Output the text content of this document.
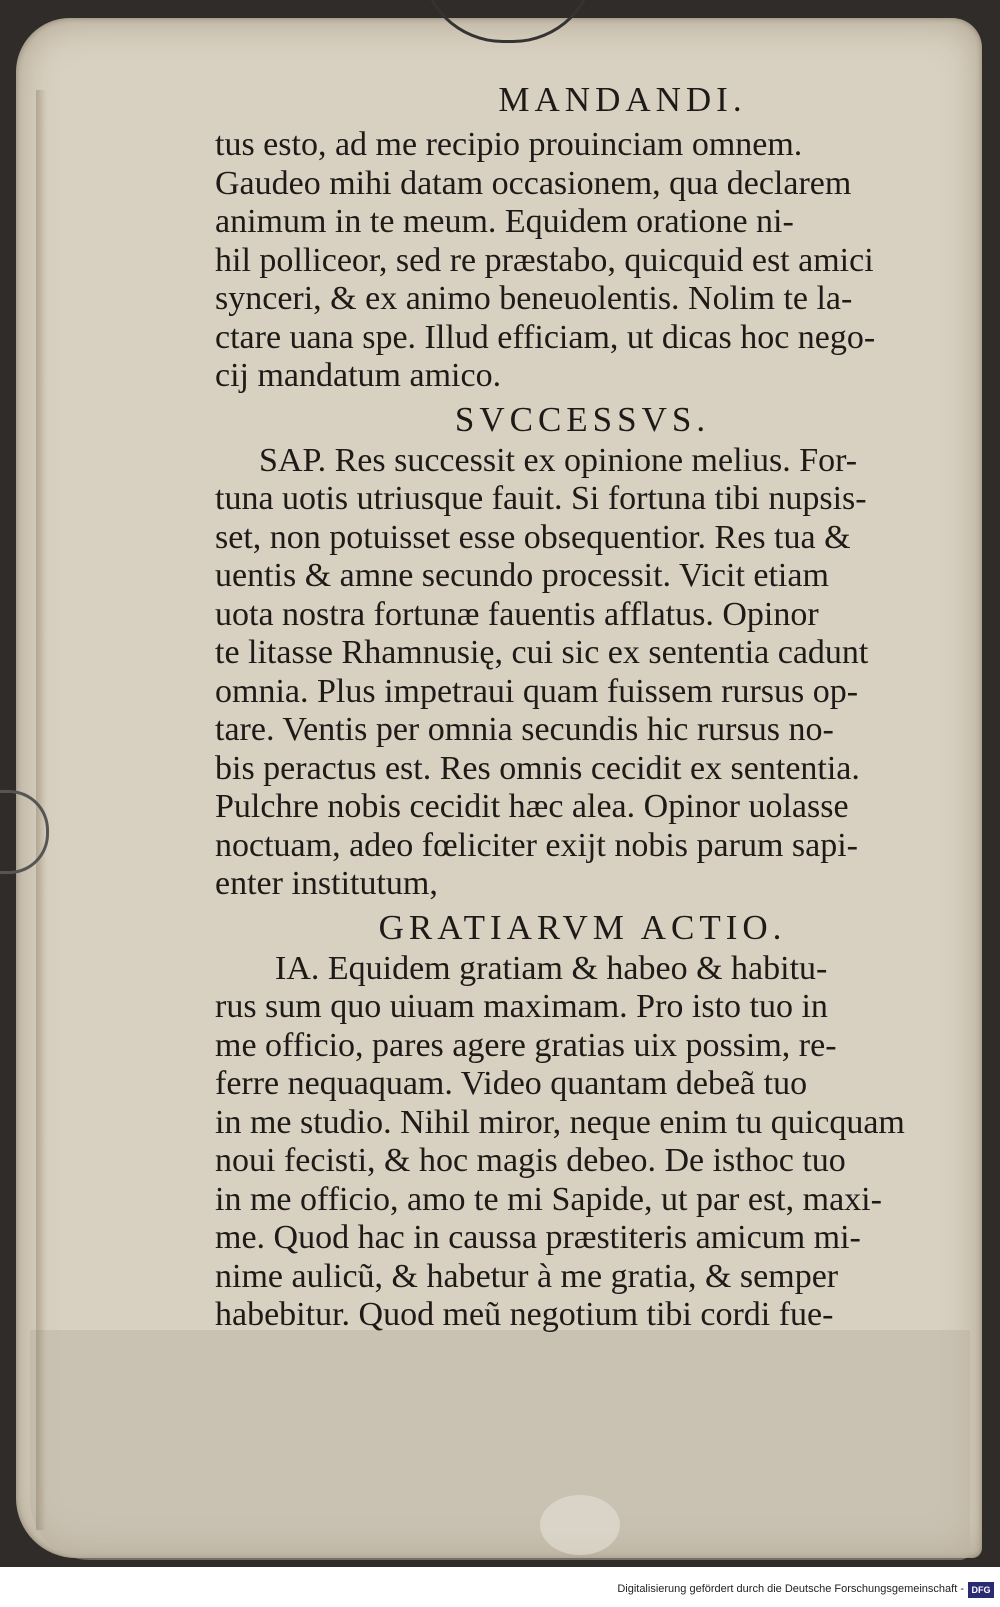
MANDANDI.
tus esto, ad me recipio prouinciam omnem.
Gaudeo mihi datam occasionem, qua declarem
animum in te meum. Equidem oratione ni-
hil polliceor, sed re præstabo, quicquid est amici
synceri, & ex animo beneuolentis. Nolim te la-
ctare uana spe. Illud efficiam, ut dicas hoc nego-
cij mandatum amico.
SVCCESSVS.
SAP. Res successit ex opinione melius. For-
tuna uotis utriusque fauit. Si fortuna tibi nupsis-
set, non potuisset esse obsequentior. Res tua &
uentis & amne secundo processit. Vicit etiam
uota nostra fortunæ fauentis afflatus. Opinor
te litasse Rhamnusię, cui sic ex sententia cadunt
omnia. Plus impetraui quam fuissem rursus op-
tare. Ventis per omnia secundis hic rursus no-
bis peractus est. Res omnis cecidit ex sententia.
Pulchre nobis cecidit hæc alea. Opinor uolasse
noctuam, adeo fœliciter exijt nobis parum sapi-
enter institutum,
GRATIARVM ACTIO.
IA. Equidem gratiam & habeo & habitu-
rus sum quo uiuam maximam. Pro isto tuo in
me officio, pares agere gratias uix possim, re-
ferre nequaquam. Video quantam debeã tuo
in me studio. Nihil miror, neque enim tu quicquam
noui fecisti, & hoc magis debeo. De isthoc tuo
in me officio, amo te mi Sapide, ut par est, maxi-
me. Quod hac in caussa præstiteris amicum mi-
nime aulicũ, & habetur à me gratia, & semper
habebitur. Quod meũ negotium tibi cordi fue-
Digitalisierung gefördert durch die Deutsche Forschungsgemeinschaft - DFG
